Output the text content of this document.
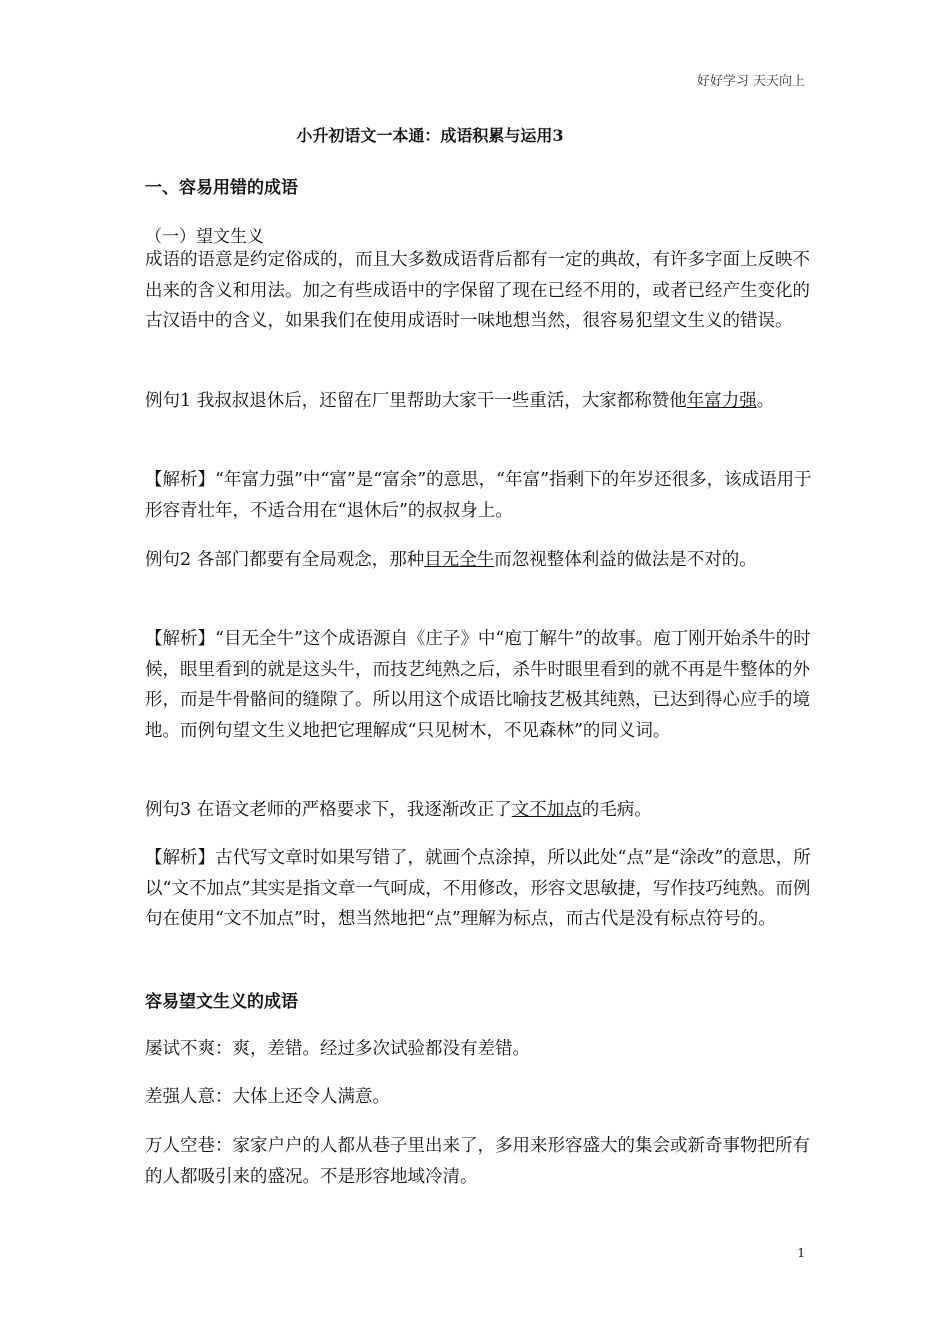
好好学习 天天向上
小升初语文一本通：成语积累与运用3
一、容易用错的成语
（一）望文生义
成语的语意是约定俗成的，而且大多数成语背后都有一定的典故，有许多字面上反映不出来的含义和用法。加之有些成语中的字保留了现在已经不用的，或者已经产生变化的古汉语中的含义，如果我们在使用成语时一味地想当然，很容易犯望文生义的错误。
例句1 我叔叔退休后，还留在厂里帮助大家干一些重活，大家都称赞他年富力强。
【解析】“年富力强”中“富”是“富余”的意思，“年富”指剩下的年岁还很多，该成语用于形容青壮年，不适合用在“退休后”的叔叔身上。
例句2 各部门都要有全局观念，那种目无全牛而忽视整体利益的做法是不对的。
【解析】“目无全牛”这个成语源自《庄子》中“庖丁解牛”的故事。庖丁刚开始杀牛的时候，眼里看到的就是这头牛，而技艺纯熟之后，杀牛时眼里看到的就不再是牛整体的外形，而是牛骨骼间的缝隙了。所以用这个成语比喻技艺极其纯熟，已达到得心应手的境地。而例句望文生义地把它理解成“只见树木，不见森林”的同义词。
例句3 在语文老师的严格要求下，我逐渐改正了文不加点的毛病。
【解析】古代写文章时如果写错了，就画个点涂掉，所以此处“点”是“涂改”的意思，所以“文不加点”其实是指文章一气呵成，不用修改，形容文思敏捷，写作技巧纯熟。而例句在使用“文不加点”时，想当然地把“点”理解为标点，而古代是没有标点符号的。
容易望文生义的成语
屡试不爽：爽，差错。经过多次试验都没有差错。
差强人意：大体上还令人满意。
万人空巷：家家户户的人都从巷子里出来了，多用来形容盛大的集会或新奇事物把所有的人都吸引来的盛况。不是形容地域冷清。
1
